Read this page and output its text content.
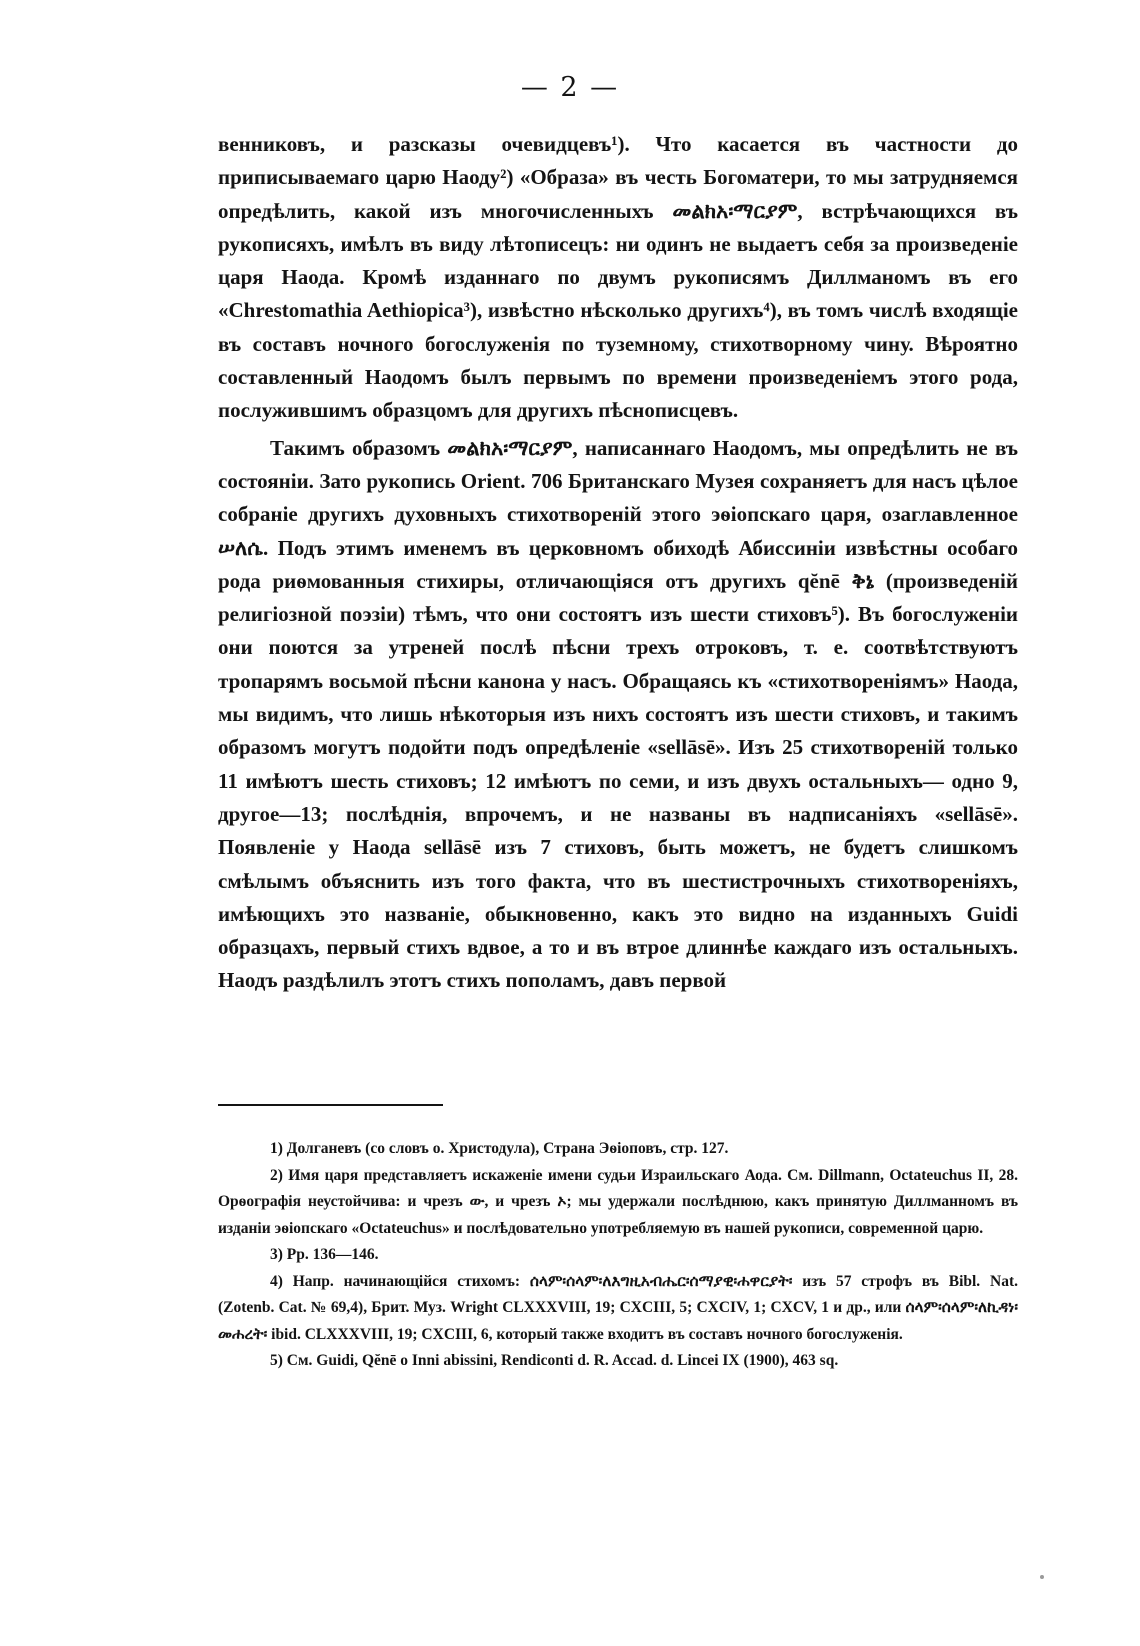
— 2 —

венниковъ, и разсказы очевидцевъ¹). Что касается въ частности до приписываемаго царю Наоду²) «Образа» въ честь Богоматери, то мы затрудняемся опредѣлить, какой изъ многочисленныхъ መልክአ፡ማርያም, встрѣчающихся въ рукописяхъ, имѣлъ въ виду лѣтописецъ: ни одинъ не выдаетъ себя за произведеніе царя Наода. Кромѣ изданнаго по двумъ рукописямъ Диллманомъ въ его «Chrestomathia Aethiopica³), извѣстно нѣсколько другихъ⁴), въ томъ числѣ входящіе въ составъ ночного богослуженія по туземному, стихотворному чину. Вѣроятно составленный Наодомъ былъ первымъ по времени произведеніемъ этого рода, послужившимъ образцомъ для другихъ пѣснописцевъ.

Такимъ образомъ መልክአ፡ማርያም, написаннаго Наодомъ, мы опредѣлить не въ состояніи. Зато рукопись Orient. 706 Британскаго Музея сохраняетъ для насъ цѣлое собраніе другихъ духовныхъ стихотвореній этого эѳіопскаго царя, озаглавленное ሠለሴ. Подъ этимъ именемъ въ церковномъ обиходѣ Абиссиніи извѣстны особаго рода риѳмованныя стихиры, отличающіяся отъ другихъ qĕnē ቅኔ (произведеній религіозной поэзіи) тѣмъ, что они состоятъ изъ шести стиховъ⁵). Въ богослуженіи они поются за утреней послѣ пѣсни трехъ отроковъ, т. е. соотвѣтствуютъ тропарямъ восьмой пѣсни канона у насъ. Обращаясь къ «стихотвореніямъ» Наода, мы видимъ, что лишь нѣкоторыя изъ нихъ состоятъ изъ шести стиховъ, и такимъ образомъ могутъ подойти подъ опредѣленіе «sellāsē». Изъ 25 стихотвореній только 11 имѣютъ шесть стиховъ; 12 имѣютъ по семи, и изъ двухъ остальныхъ— одно 9, другое—13; послѣднія, впрочемъ, и не названы въ надписаніяхъ «sellāsē». Появленіе у Наода sellāsē изъ 7 стиховъ, быть можетъ, не будетъ слишкомъ смѣлымъ объяснить изъ того факта, что въ шестистрочныхъ стихотвореніяхъ, имѣющихъ это названіе, обыкновенно, какъ это видно на изданныхъ Guidi образцахъ, первый стихъ вдвое, а то и въ втрое длиннѣе каждаго изъ остальныхъ. Наодъ раздѣлилъ этотъ стихъ пополамъ, давъ первой

1) Долганевъ (со словъ о. Христодула), Страна Эѳіоповъ, стр. 127.

2) Имя царя представляетъ искаженіе имени судьи Израильскаго Аода. См. Dillmann, Octateuchus II, 28. Орѳографія неустойчива: и чрезъ ው, и чрезъ ኦ; мы удержали послѣднюю, какъ принятую Диллманномъ въ изданіи эѳіопскаго «Octateuchus» и послѣдовательно употребляемую въ нашей рукописи, современной царю.

3) Pp. 136—146.

4) Напр. начинающійся стихомъ: ሰላም፡ሰላም፡ለእግዚአብሔር፡ሰማያዊ፡ሐዋርያት፡ изъ 57 строфъ въ Bibl. Nat. (Zotenb. Cat. № 69,4), Брит. Муз. Wright CLXXXVIII, 19; CXCIII, 5; CXCIV, 1; CXCV, 1 и др., или ሰላም፡ሰላም፡ለኪዳነ፡መሐረት፡ ibid. CLXXXVIII, 19; CXCIII, 6, который также входитъ въ составъ ночного богослуженія.

5) См. Guidi, Qĕnē o Inni abissini, Rendiconti d. R. Accad. d. Lincei IX (1900), 463 sq.
